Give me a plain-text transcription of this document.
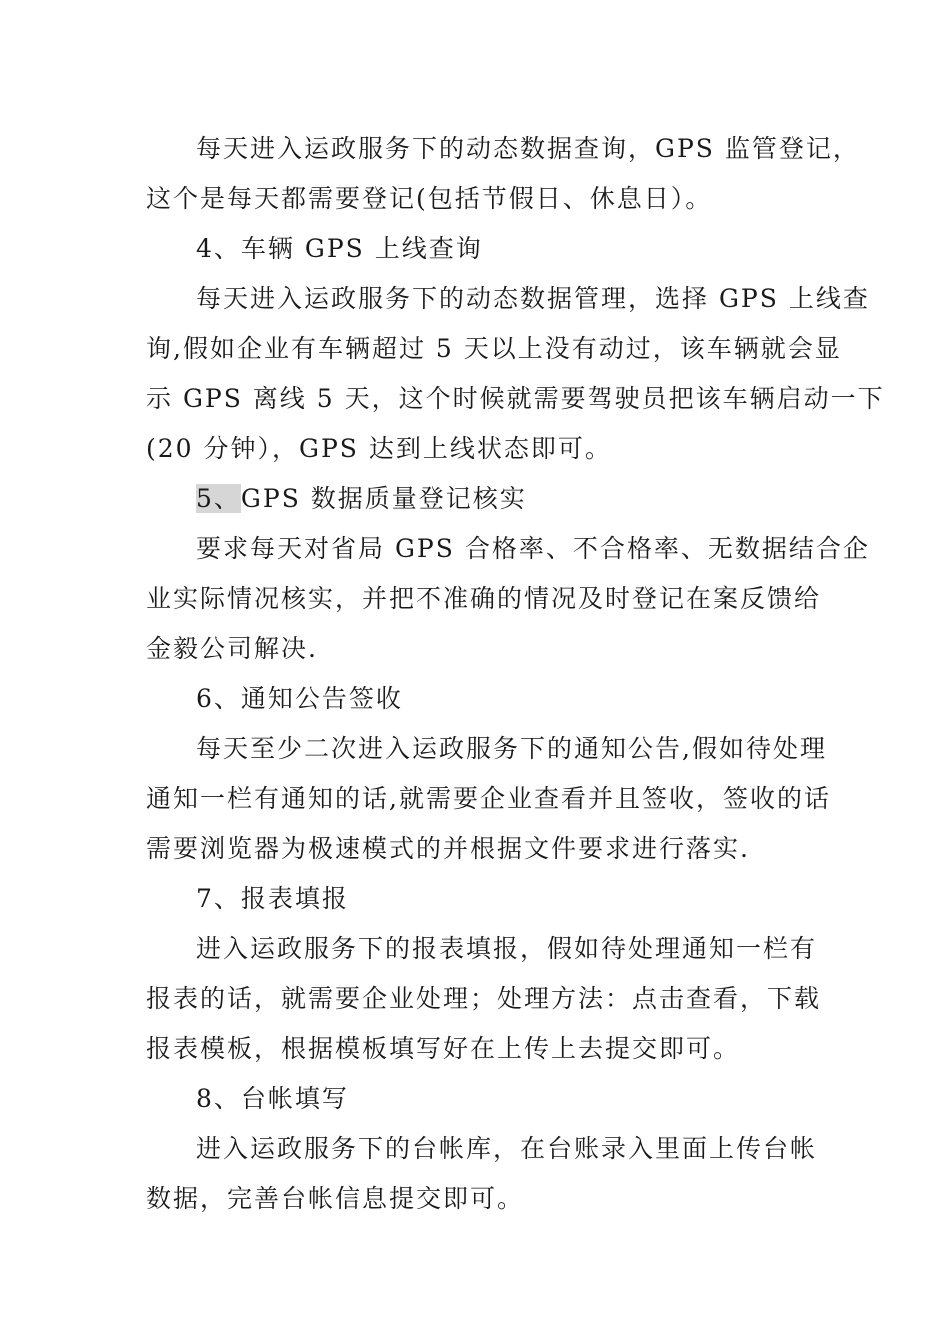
每天进入运政服务下的动态数据查询，GPS 监管登记，
这个是每天都需要登记(包括节假日、休息日）。
4、车辆 GPS 上线查询
每天进入运政服务下的动态数据管理，选择 GPS 上线查
询,假如企业有车辆超过 5 天以上没有动过，该车辆就会显
示 GPS 离线 5 天，这个时候就需要驾驶员把该车辆启动一下
(20 分钟），GPS 达到上线状态即可。
5、GPS 数据质量登记核实
要求每天对省局 GPS 合格率、不合格率、无数据结合企
业实际情况核实，并把不准确的情况及时登记在案反馈给
金毅公司解决.
6、通知公告签收
每天至少二次进入运政服务下的通知公告,假如待处理
通知一栏有通知的话,就需要企业查看并且签收，签收的话
需要浏览器为极速模式的并根据文件要求进行落实.
7、报表填报
进入运政服务下的报表填报，假如待处理通知一栏有
报表的话，就需要企业处理；处理方法：点击查看，下载
报表模板，根据模板填写好在上传上去提交即可。
8、台帐填写
进入运政服务下的台帐库，在台账录入里面上传台帐
数据，完善台帐信息提交即可。
